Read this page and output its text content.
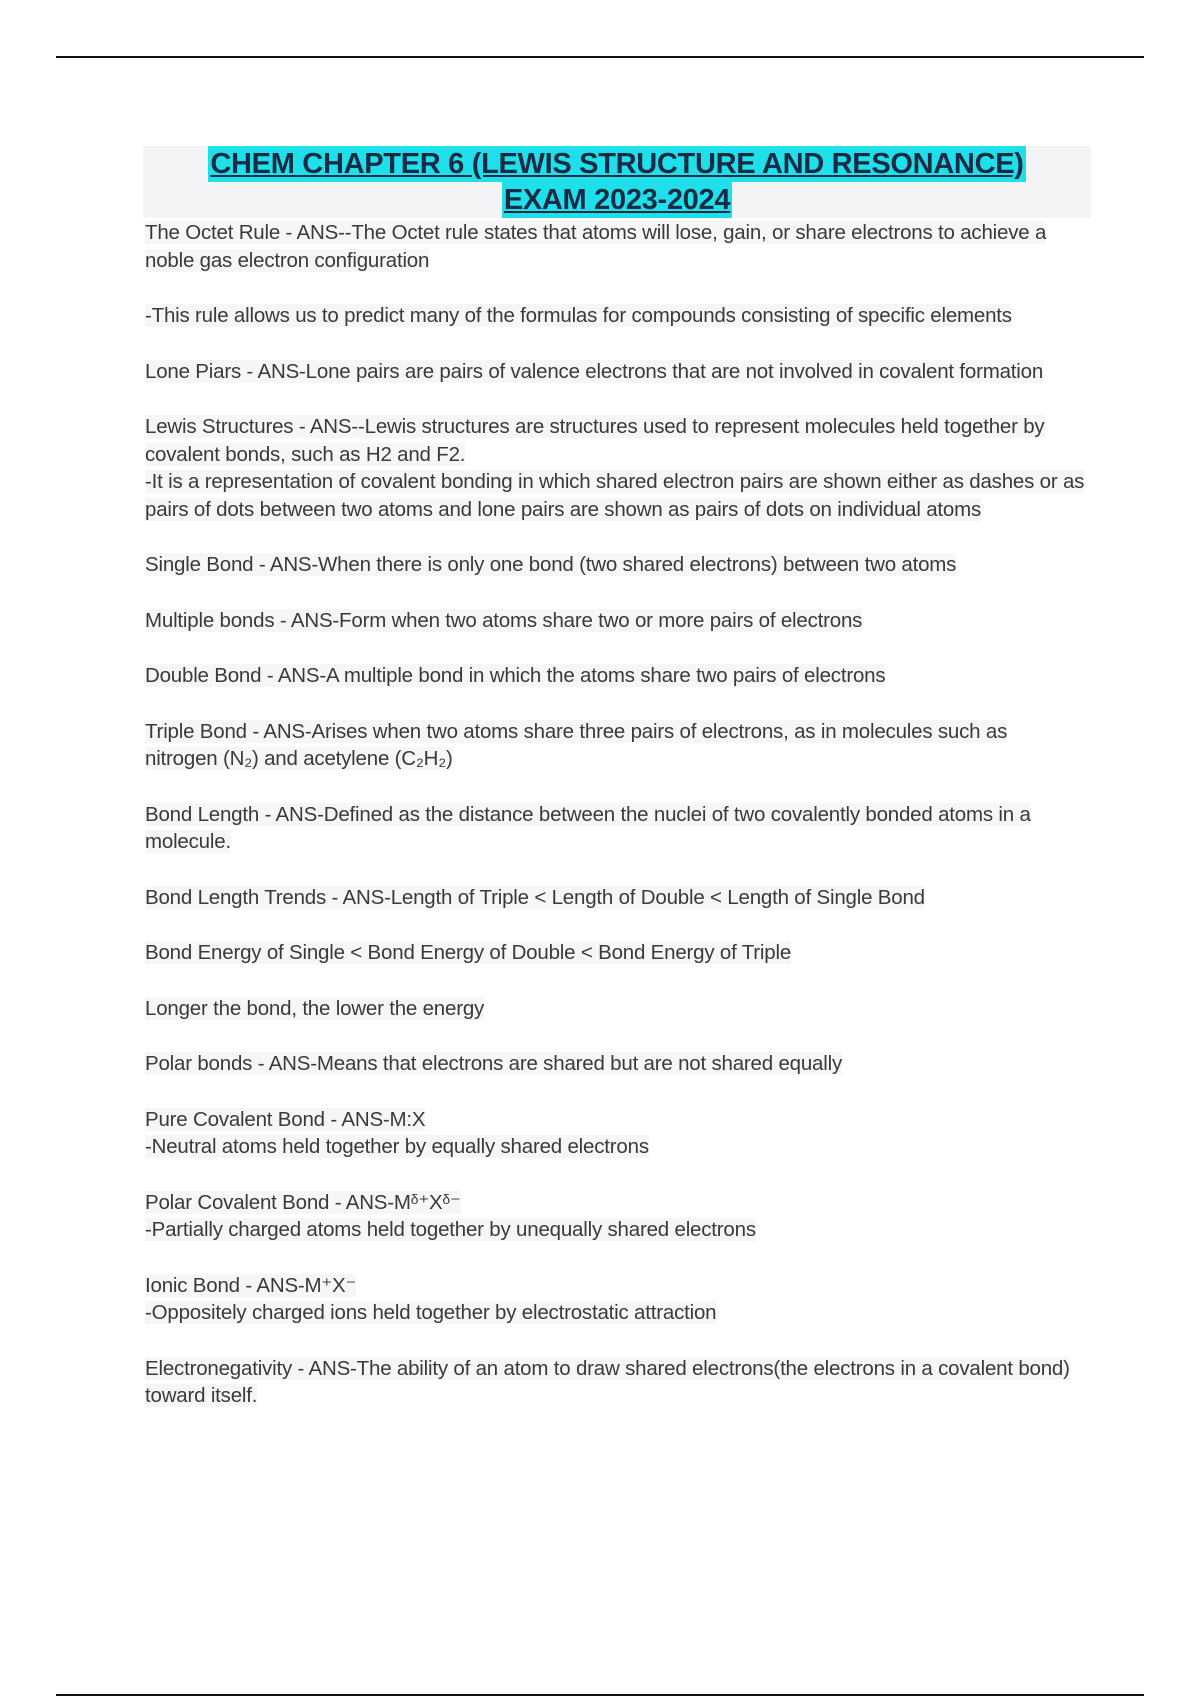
CHEM CHAPTER 6 (LEWIS STRUCTURE AND RESONANCE)
EXAM 2023-2024
The Octet Rule - ANS--The Octet rule states that atoms will lose, gain, or share electrons to achieve a noble gas electron configuration
-This rule allows us to predict many of the formulas for compounds consisting of specific elements
Lone Piars - ANS-Lone pairs are pairs of valence electrons that are not involved in covalent formation
Lewis Structures - ANS--Lewis structures are structures used to represent molecules held together by covalent bonds, such as H2 and F2.
-It is a representation of covalent bonding in which shared electron pairs are shown either as dashes or as pairs of dots between two atoms and lone pairs are shown as pairs of dots on individual atoms
Single Bond - ANS-When there is only one bond (two shared electrons) between two atoms
Multiple bonds - ANS-Form when two atoms share two or more pairs of electrons
Double Bond - ANS-A multiple bond in which the atoms share two pairs of electrons
Triple Bond - ANS-Arises when two atoms share three pairs of electrons, as in molecules such as nitrogen (N₂) and acetylene (C₂H₂)
Bond Length - ANS-Defined as the distance between the nuclei of two covalently bonded atoms in a molecule.
Bond Length Trends - ANS-Length of Triple < Length of Double < Length of Single Bond
Bond Energy of Single < Bond Energy of Double < Bond Energy of Triple
Longer the bond, the lower the energy
Polar bonds - ANS-Means that electrons are shared but are not shared equally
Pure Covalent Bond - ANS-M:X
-Neutral atoms held together by equally shared electrons
Polar Covalent Bond - ANS-Mᵟ⁺Xᵟ⁻
-Partially charged atoms held together by unequally shared electrons
Ionic Bond - ANS-M⁺X⁻
-Oppositely charged ions held together by electrostatic attraction
Electronegativity - ANS-The ability of an atom to draw shared electrons(the electrons in a covalent bond) toward itself.
